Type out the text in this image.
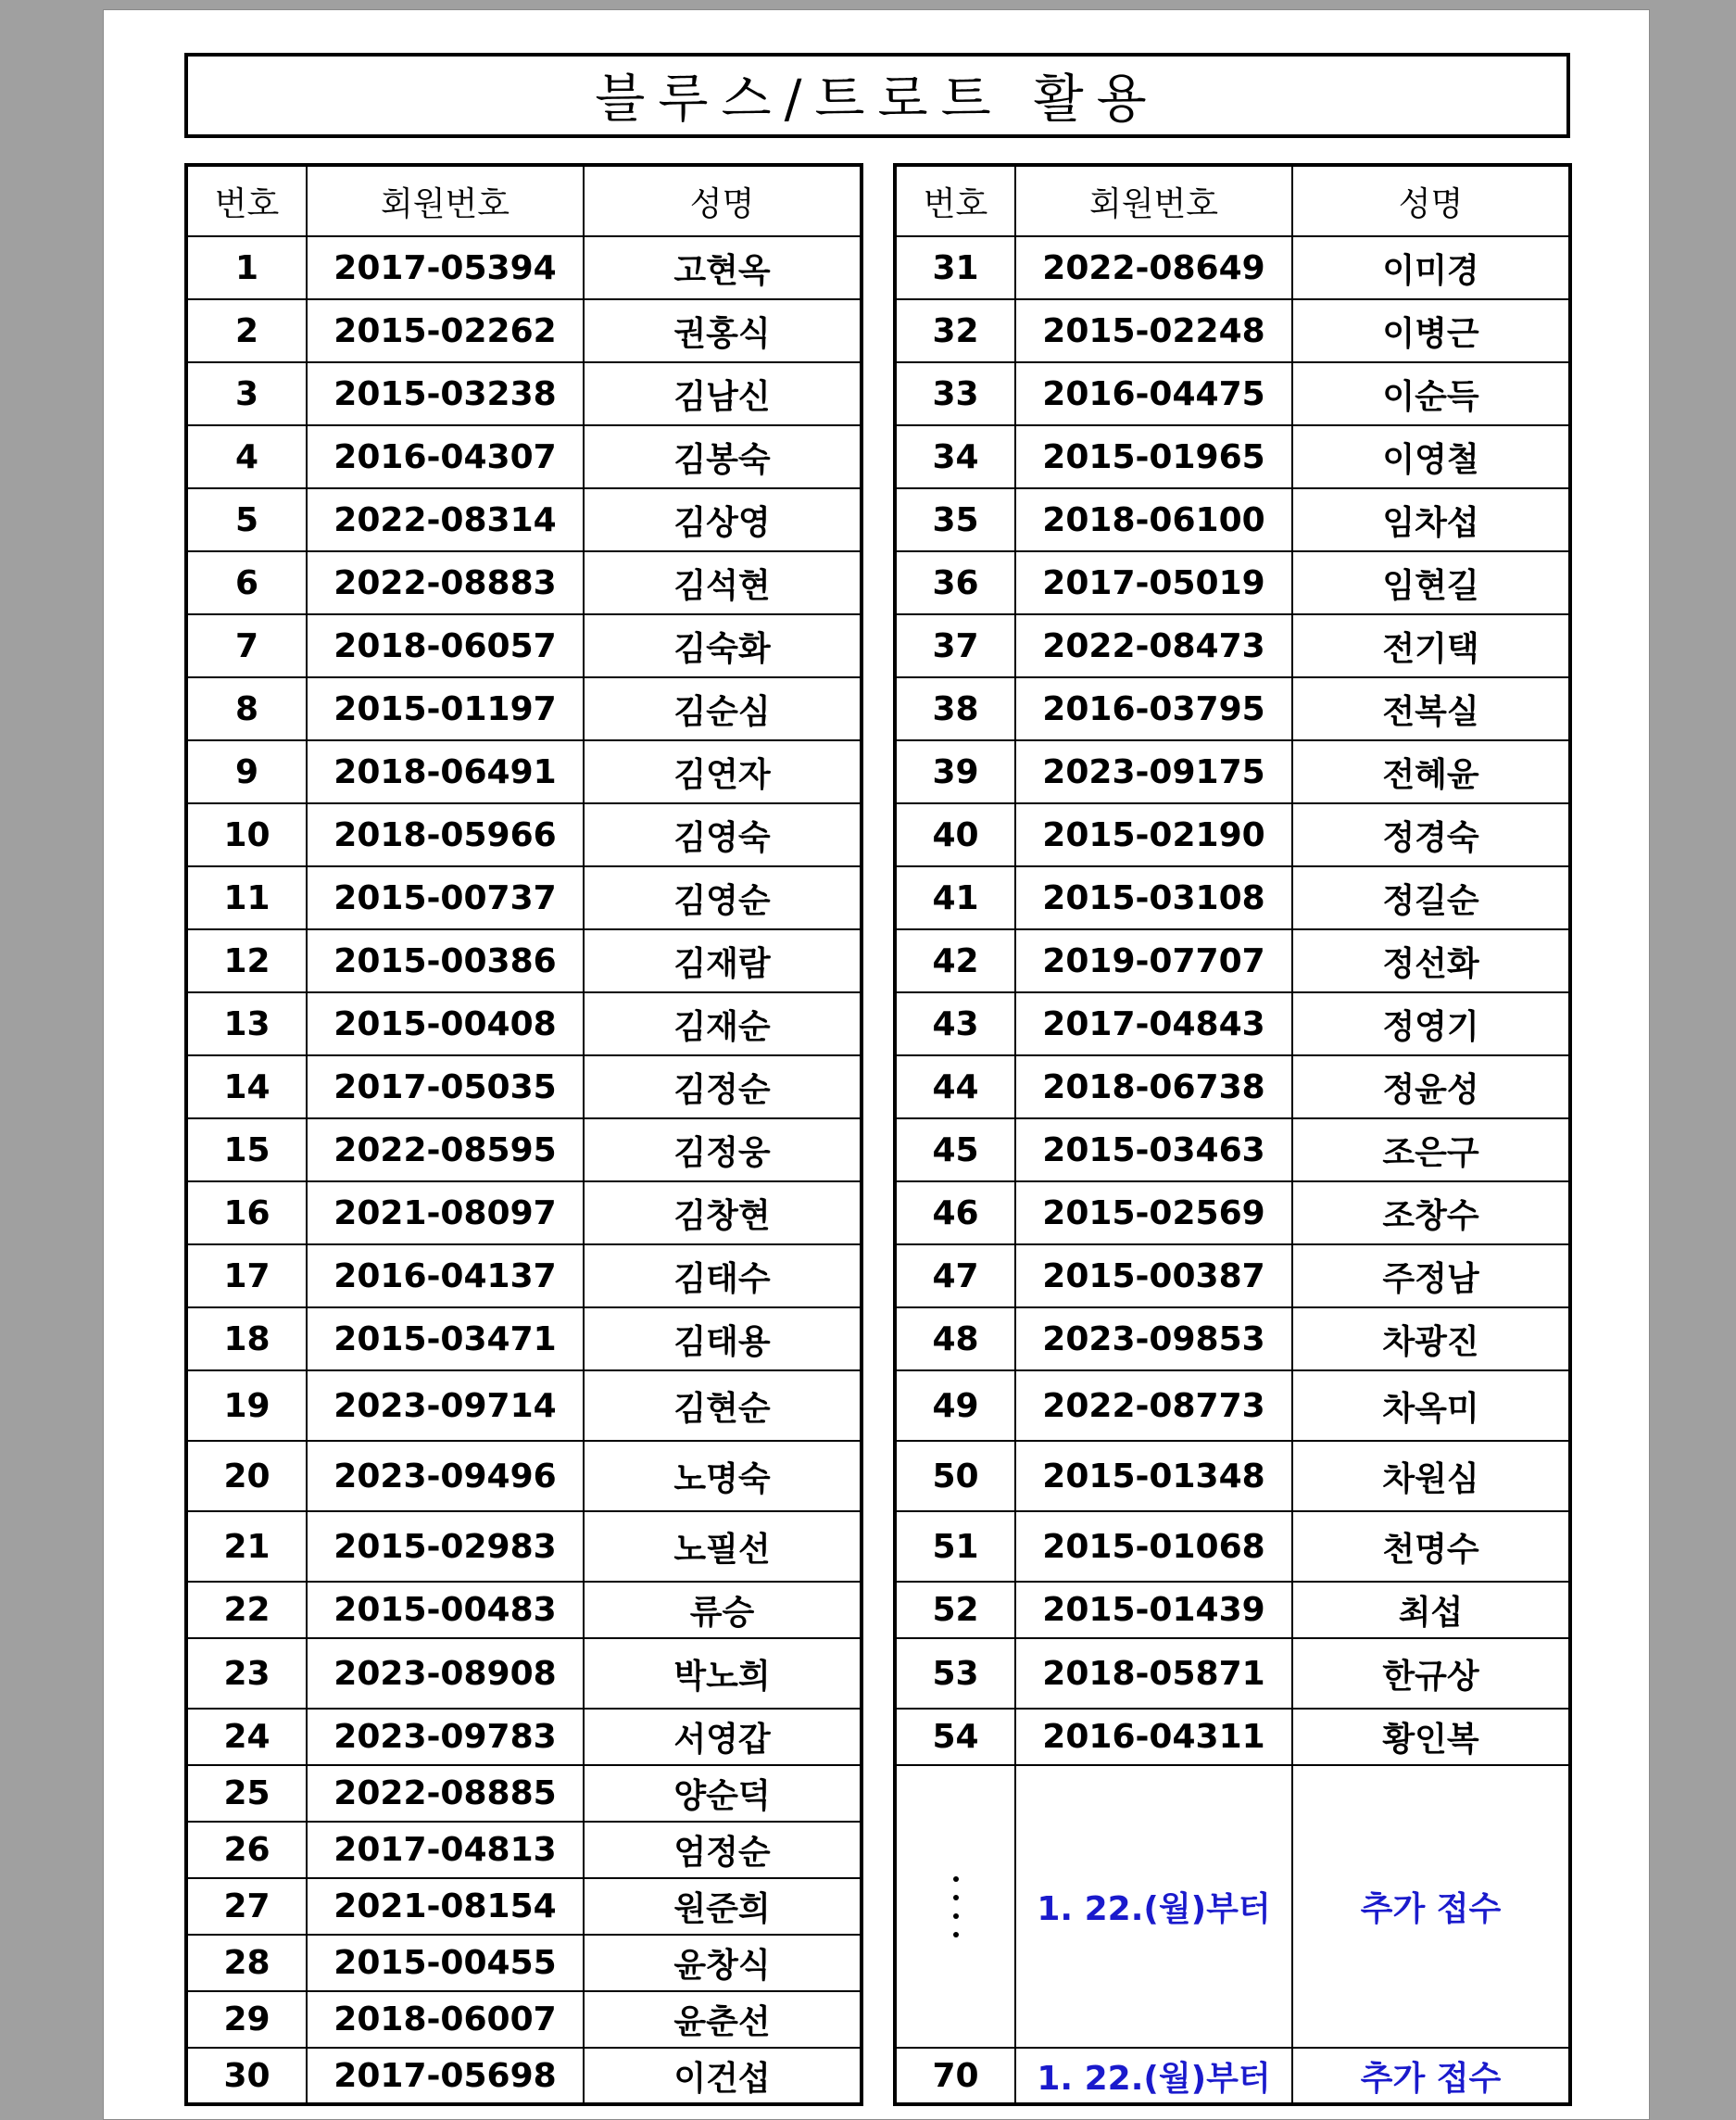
블루스/트로트 활용
번호	회원번호	성명
1	2017-05394	고현옥
2	2015-02262	권홍식
3	2015-03238	김남신
4	2016-04307	김봉숙
5	2022-08314	김상영
6	2022-08883	김석현
7	2018-06057	김숙화
8	2015-01197	김순심
9	2018-06491	김연자
10	2018-05966	김영숙
11	2015-00737	김영순
12	2015-00386	김재람
13	2015-00408	김재순
14	2017-05035	김정순
15	2022-08595	김정웅
16	2021-08097	김창현
17	2016-04137	김태수
18	2015-03471	김태용
19	2023-09714	김현순
20	2023-09496	노명숙
21	2015-02983	노필선
22	2015-00483	류승
23	2023-08908	박노희
24	2023-09783	서영갑
25	2022-08885	양순덕
26	2017-04813	엄정순
27	2021-08154	원준희
28	2015-00455	윤창식
29	2018-06007	윤춘선
30	2017-05698	이건섭
번호	회원번호	성명
31	2022-08649	이미경
32	2015-02248	이병근
33	2016-04475	이순득
34	2015-01965	이영철
35	2018-06100	임차섭
36	2017-05019	임현길
37	2022-08473	전기택
38	2016-03795	전복실
39	2023-09175	전혜윤
40	2015-02190	정경숙
41	2015-03108	정길순
42	2019-07707	정선화
43	2017-04843	정영기
44	2018-06738	정윤성
45	2015-03463	조은구
46	2015-02569	조창수
47	2015-00387	주정남
48	2023-09853	차광진
49	2022-08773	차옥미
50	2015-01348	차원심
51	2015-01068	천명수
52	2015-01439	최섭
53	2018-05871	한규상
54	2016-04311	황인복

	1. 22.(월)부터	추가 접수
70	1. 22.(월)부터	추가 접수
